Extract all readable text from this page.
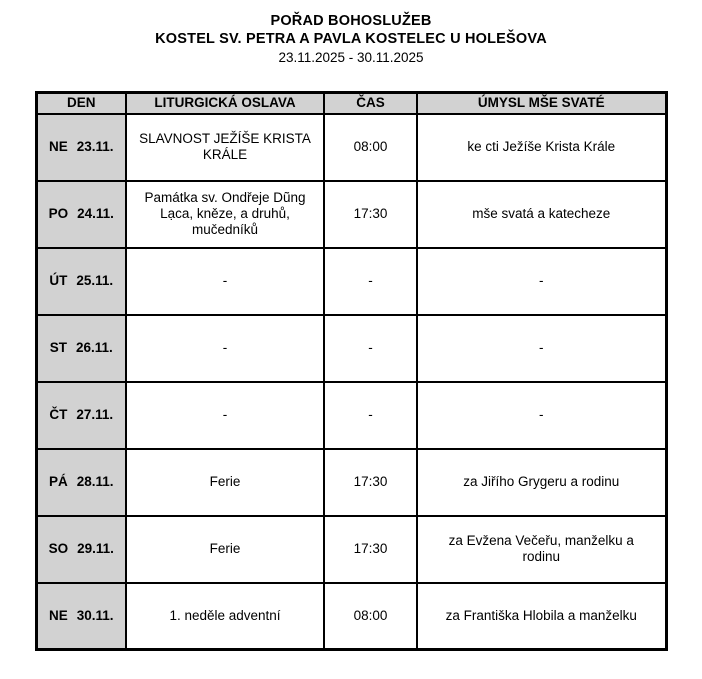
POŘAD BOHOSLUŽEB
KOSTEL SV. PETRA A PAVLA KOSTELEC U HOLEŠOVA
23.11.2025 - 30.11.2025
DEN	LITURGICKÁ OSLAVA	ČAS	ÚMYSL MŠE SVATÉ
NE 23.11.	SLAVNOST JEŽÍŠE KRISTA KRÁLE	08:00	ke cti Ježíše Krista Krále
PO 24.11.	Památka sv. Ondřeje Dũng Lạca, kněze, a druhů, mučedníků	17:30	mše svatá a katecheze
ÚT 25.11.	-	-	-
ST 26.11.	-	-	-
ČT 27.11.	-	-	-
PÁ 28.11.	Ferie	17:30	za Jiřího Grygeru a rodinu
SO 29.11.	Ferie	17:30	za Evžena Večeřu, manželku a rodinu
NE 30.11.	1. neděle adventní	08:00	za Františka Hlobila a manželku
